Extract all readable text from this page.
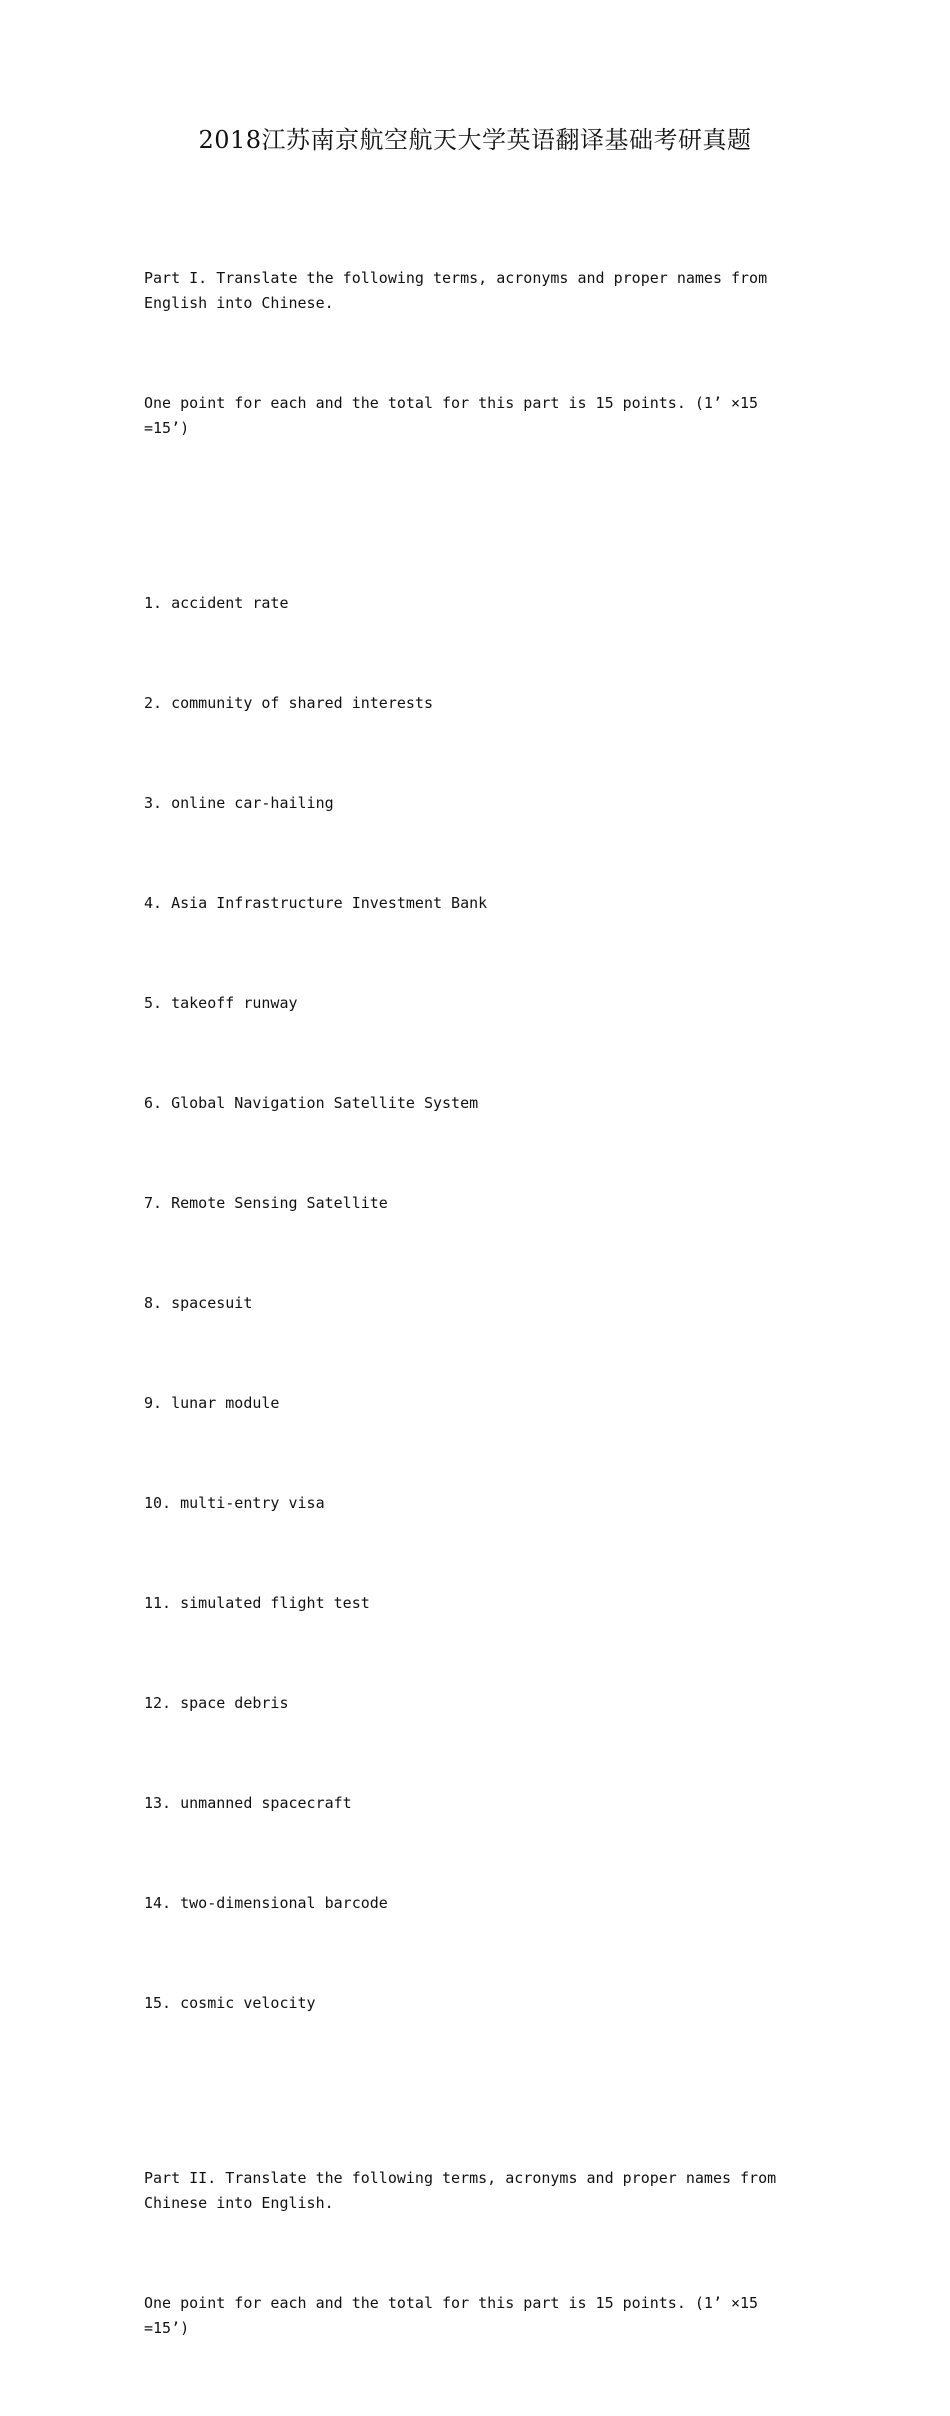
2018江苏南京航空航天大学英语翻译基础考研真题

Part I. Translate the following terms, acronyms and proper names from English into Chinese.

One point for each and the total for this part is 15 points. (1’ ×15 =15’)

1. accident rate

2. community of shared interests

3. online car-hailing

4. Asia Infrastructure Investment Bank

5. takeoff runway

6. Global Navigation Satellite System

7. Remote Sensing Satellite

8. spacesuit

9. lunar module

10. multi-entry visa

11. simulated flight test

12. space debris

13. unmanned spacecraft

14. two-dimensional barcode

15. cosmic velocity

Part II. Translate the following terms, acronyms and proper names from Chinese into English.

One point for each and the total for this part is 15 points. (1’ ×15 =15’)
